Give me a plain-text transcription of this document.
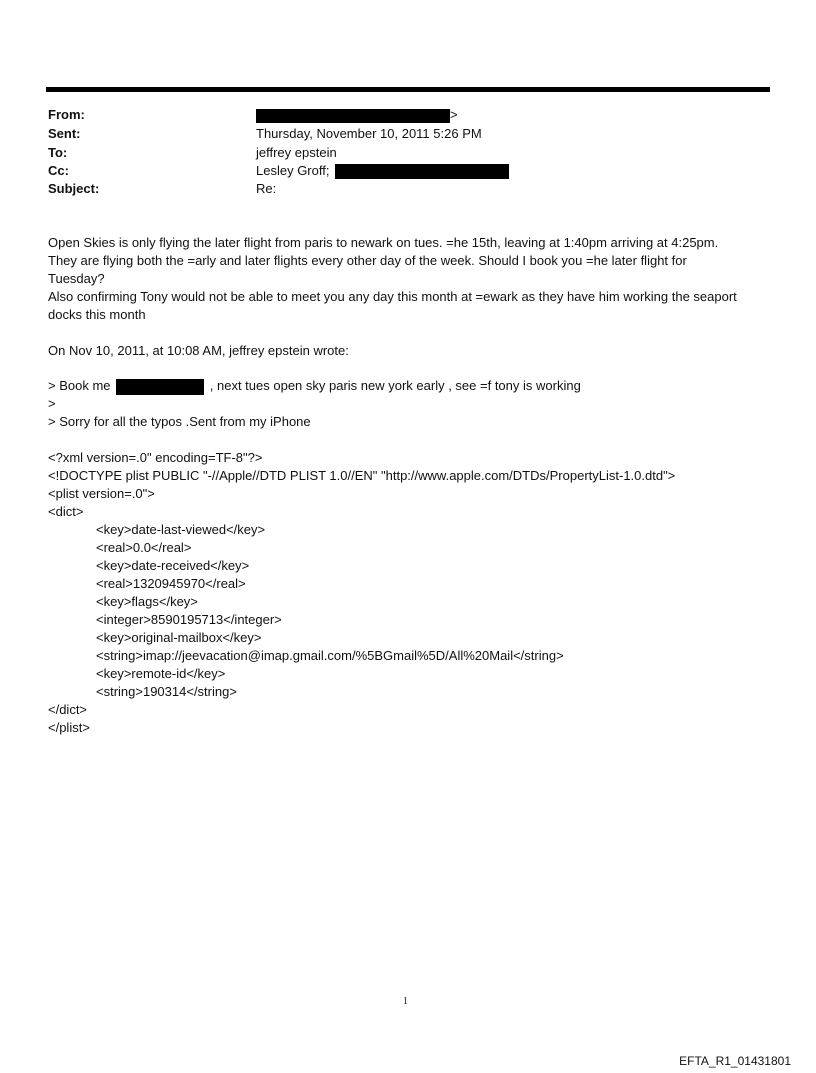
From:	>
Sent:	Thursday, November 10, 2011 5:26 PM
To:	jeffrey epstein
Cc:	Lesley Groff;
Subject:	Re:
Open Skies is only flying the later flight from paris to newark on tues. =he 15th, leaving at 1:40pm arriving at 4:25pm.
They are flying both the =arly and later flights every other day of the week. Should I book you =he later flight for
Tuesday?
Also confirming Tony would not be able to meet you any day this month at =ewark as they have him working the seaport
docks this month
On Nov 10, 2011, at 10:08 AM, jeffrey epstein wrote:
> Book me	, next tues open sky paris new york early , see =f tony is working
>
> Sorry for all the typos .Sent from my iPhone
<?xml version=.0" encoding=TF-8"?>
<!DOCTYPE plist PUBLIC "-//Apple//DTD PLIST 1.0//EN" "http://www.apple.com/DTDs/PropertyList-1.0.dtd">
<plist version=.0">
<dict>
<key>date-last-viewed</key>
<real>0.0</real>
<key>date-received</key>
<real>1320945970</real>
<key>flags</key>
<integer>8590195713</integer>
<key>original-mailbox</key>
<string>imap://jeevacation@imap.gmail.com/%5BGmail%5D/All%20Mail</string>
<key>remote-id</key>
<string>190314</string>
</dict>
</plist>
1
EFTA_R1_01431801
